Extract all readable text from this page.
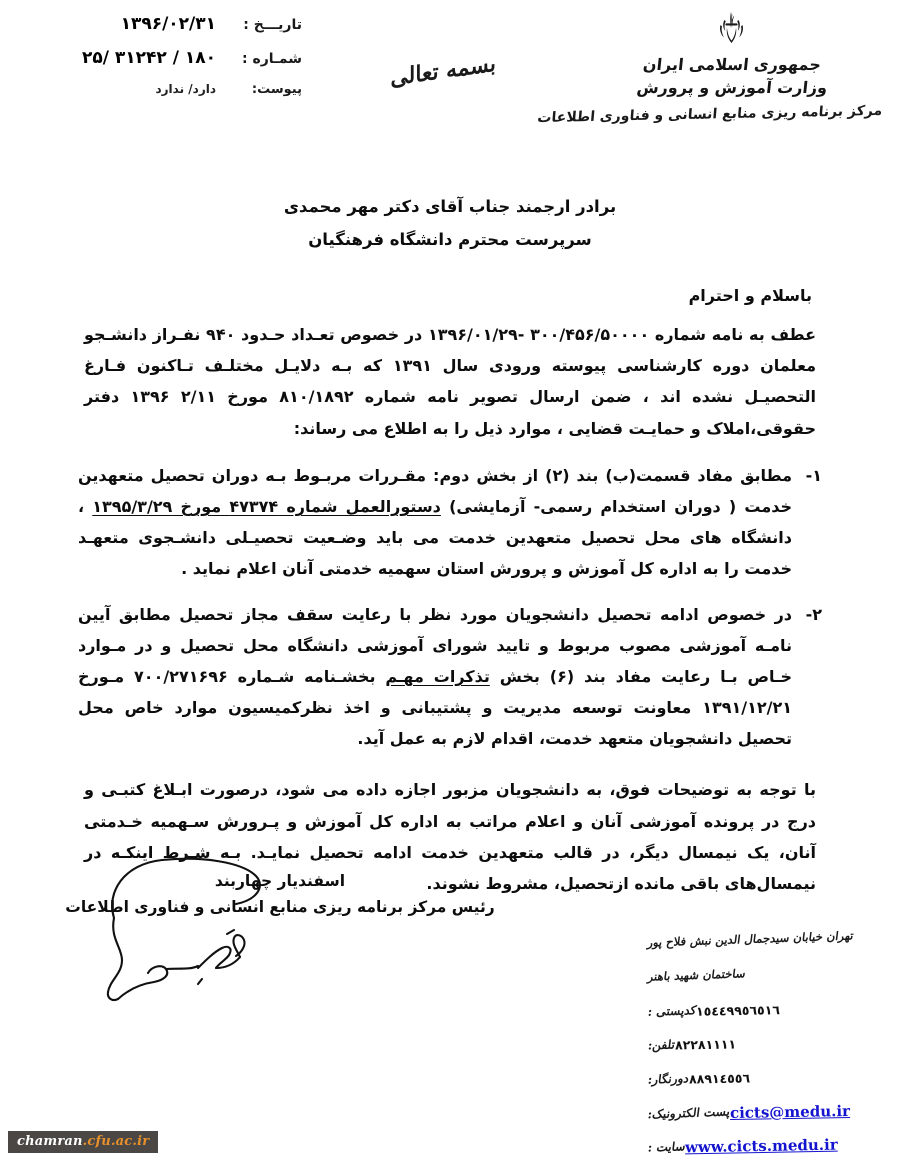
جمهوری اسلامی ایران
وزارت آموزش و پرورش
مرکز برنامه ریزی منابع انسانی و فناوری اطلاعات
بسمه تعالی
تاریـــخ :
۱۳۹۶/۰۲/۳۱
شمـاره :
۱۸۰ / ۳۱۲۴۲ /۲۵
پیوست:
دارد/ ندارد
برادر ارجمند جناب آقای دکتر مهر محمدی
سرپرست محترم دانشگاه فرهنگیان
باسلام و احترام

عطف به نامه شماره ۳۰۰/۴۵۶/۵۰۰۰۰ -۱۳۹۶/۰۱/۲۹ در خصوص تعـداد حـدود ۹۴۰ نفـراز دانشـجو معلمان دوره کارشناسی پیوسته ورودی سال ۱۳۹۱ که بـه دلایـل مختلـف تـاکنون فـارغ التحصیـل نشده اند ، ضمن ارسال تصویر نامه شماره ۸۱۰/۱۸۹۲ مورخ ۲/۱۱ ۱۳۹۶ دفتر حقوقی،املاک و حمایـت قضایی ، موارد ذیل را به اطلاع می رساند:

۱-
مطابق مفاد قسمت(ب) بند (۲) از بخش دوم: مقـررات مربـوط بـه دوران تحصیل متعهدین خدمت ( دوران استخدام رسمی- آزمایشی) دستورالعمل شماره ۴۷۳۷۴ مورخ ۱۳۹۵/۳/۲۹ ، دانشگاه های محل تحصیل متعهدین خدمت می باید وضـعیت تحصیـلی دانشـجوی متعهـد خدمت را به اداره کل آموزش و پرورش استان سهمیه خدمتی آنان اعلام نماید .
۲-
در خصوص ادامه تحصیل دانشجویان مورد نظر با رعایت سقف مجاز تحصیل مطابق آیین نامـه آموزشی مصوب مربوط و تایید شورای آموزشی دانشگاه محل تحصیل و در مـوارد خـاص بـا رعایت مفاد بند (۶) بخش تذکرات مهـم بخشـنامه شـماره ۷۰۰/۲۷۱۶۹۶ مـورخ ۱۳۹۱/۱۲/۲۱ معاونت توسعه مدیریت و پشتیبانی و اخذ نظرکمیسیون موارد خاص محل تحصیل دانشجویان متعهد خدمت، اقدام لازم به عمل آید.

با توجه به توضیحات فوق، به دانشجویان مزبور اجازه داده می شود، درصورت ابـلاغ کتبـی و درج در پرونده آموزشی آنان و اعلام مراتب به اداره کل آموزش و پـرورش سـهمیه خـدمتی آنان، یک نیمسال دیگر، در قالب متعهدین خدمت ادامه تحصیل نمایـد. بـه شـرط اینکـه در نیمسال‌های باقی مانده ازتحصیل، مشروط نشوند.

اسفندیار چهاربند
رئیس مرکز برنامه ریزی منابع انسانی و فناوری اطلاعات
تهران خیابان سیدجمال الدین نبش فلاح پور
ساختمان شهید باهنر
١٥٤٤٩٩٥٦٥١٦کدپستی :
٨٢٢٨١١١١تلفن:
٨٨٩١٤٥٥٦دورنگار:
cicts@medu.irپست الکترونیک:
www.cicts.medu.irسایت :
chamran.cfu.ac.ir
